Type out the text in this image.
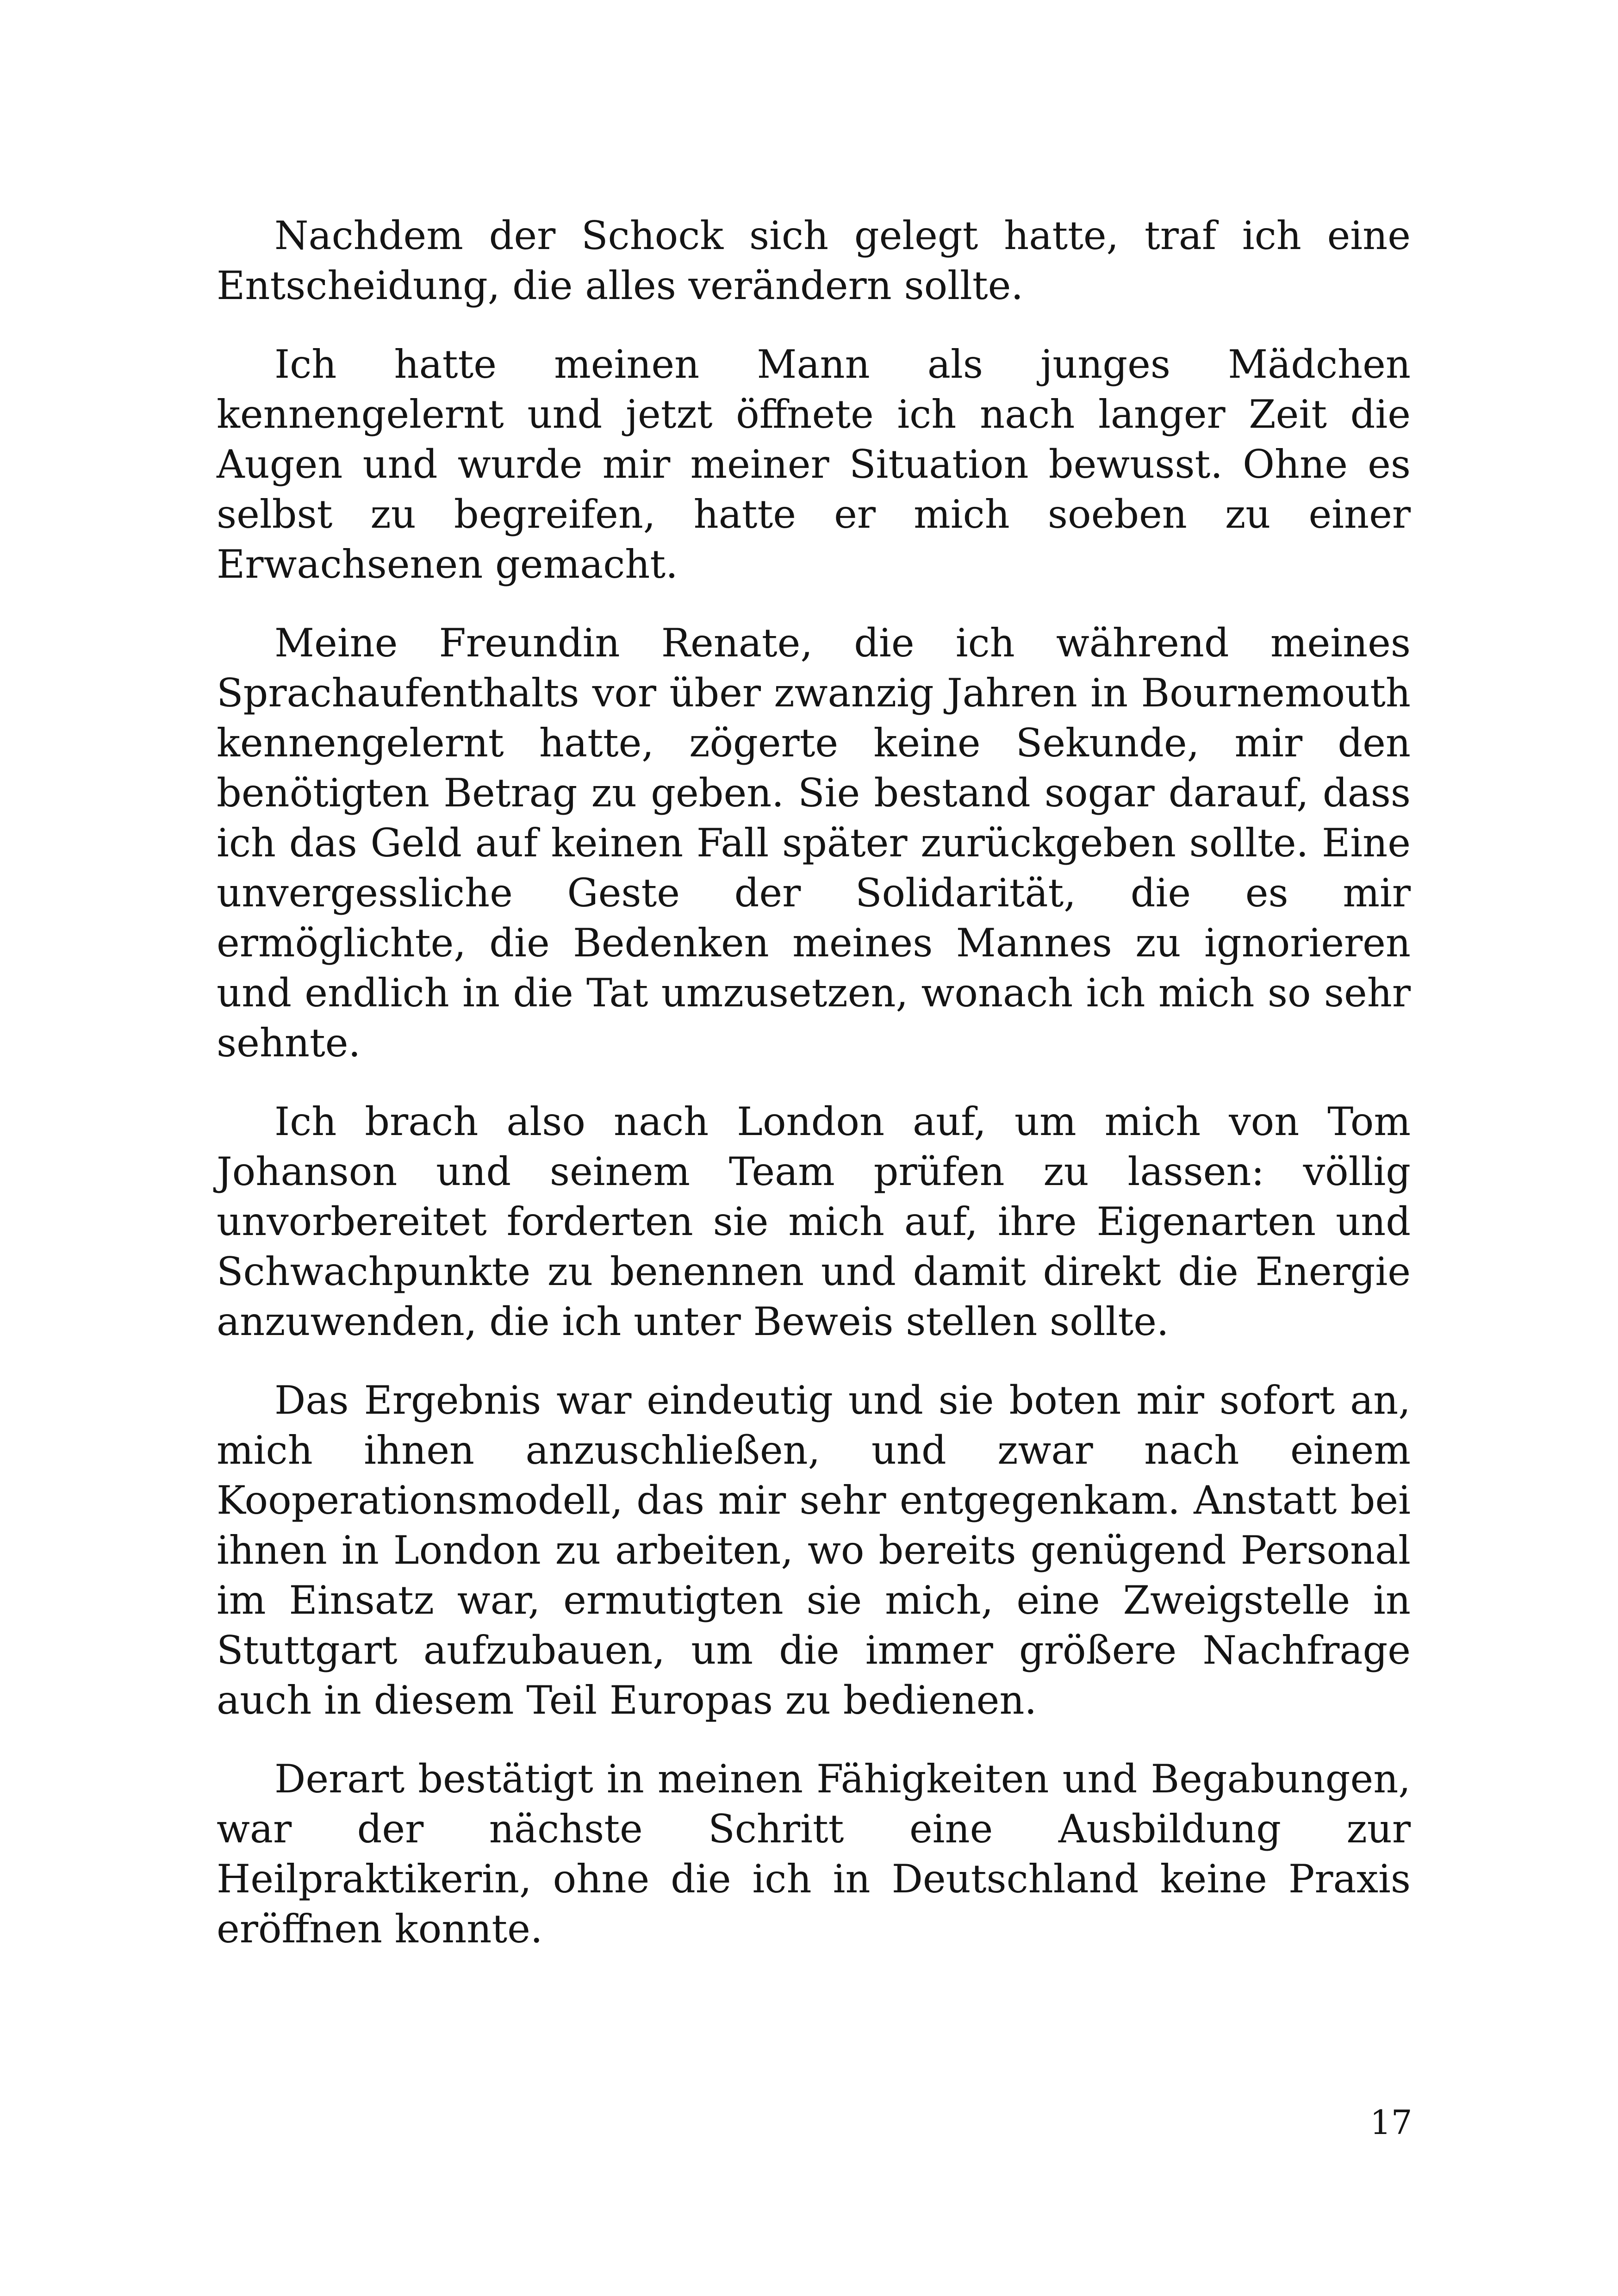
Nachdem der Schock sich gelegt hatte, traf ich eine Entscheidung, die alles verändern sollte.

Ich hatte meinen Mann als junges Mädchen kennengelernt und jetzt öffnete ich nach langer Zeit die Augen und wurde mir meiner Situation bewusst. Ohne es selbst zu begreifen, hatte er mich soeben zu einer Erwachsenen gemacht.

Meine Freundin Renate, die ich während meines Sprachaufenthalts vor über zwanzig Jahren in Bournemouth kennengelernt hatte, zögerte keine Sekunde, mir den benötigten Betrag zu geben. Sie bestand sogar darauf, dass ich das Geld auf keinen Fall später zurückgeben sollte. Eine unvergessliche Geste der Solidarität, die es mir ermöglichte, die Bedenken meines Mannes zu ignorieren und endlich in die Tat umzusetzen, wonach ich mich so sehr sehnte.

Ich brach also nach London auf, um mich von Tom Johanson und seinem Team prüfen zu lassen: völlig unvorbereitet forderten sie mich auf, ihre Eigenarten und Schwachpunkte zu benennen und damit direkt die Energie anzuwenden, die ich unter Beweis stellen sollte.

Das Ergebnis war eindeutig und sie boten mir sofort an, mich ihnen anzuschließen, und zwar nach einem Kooperationsmodell, das mir sehr entgegenkam. Anstatt bei ihnen in London zu arbeiten, wo bereits genügend Personal im Einsatz war, ermutigten sie mich, eine Zweigstelle in Stuttgart aufzubauen, um die immer größere Nachfrage auch in diesem Teil Europas zu bedienen.

Derart bestätigt in meinen Fähigkeiten und Begabungen, war der nächste Schritt eine Ausbildung zur Heilpraktikerin, ohne die ich in Deutschland keine Praxis eröffnen konnte.

17
